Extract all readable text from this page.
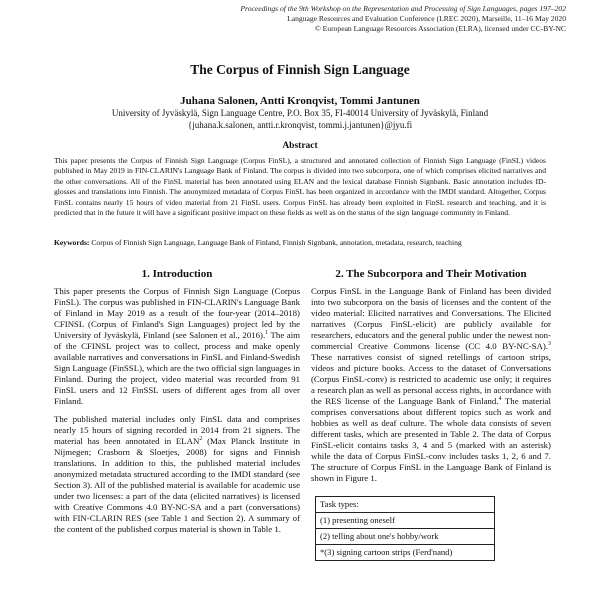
Proceedings of the 9th Workshop on the Representation and Processing of Sign Languages, pages 197–202
Language Resources and Evaluation Conference (LREC 2020), Marseille, 11–16 May 2020
© European Language Resources Association (ELRA), licensed under CC-BY-NC
The Corpus of Finnish Sign Language
Juhana Salonen, Antti Kronqvist, Tommi Jantunen
University of Jyväskylä, Sign Language Centre, P.O. Box 35, FI-40014 University of Jyväskylä, Finland
{juhana.k.salonen, antti.r.kronqvist, tommi.j.jantunen}@jyu.fi
Abstract
This paper presents the Corpus of Finnish Sign Language (Corpus FinSL), a structured and annotated collection of Finnish Sign Language (FinSL) videos published in May 2019 in FIN-CLARIN's Language Bank of Finland. The corpus is divided into two subcorpora, one of which comprises elicited narratives and the other conversations. All of the FinSL material has been annotated using ELAN and the lexical database Finnish Signbank. Basic annotation includes ID-glosses and translations into Finnish. The anonymized metadata of Corpus FinSL has been organized in accordance with the IMDI standard. Altogether, Corpus FinSL contains nearly 15 hours of video material from 21 FinSL users. Corpus FinSL has already been exploited in FinSL research and teaching, and it is predicted that in the future it will have a significant positive impact on these fields as well as on the status of the sign language community in Finland.
Keywords: Corpus of Finnish Sign Language, Language Bank of Finland, Finnish Signbank, annotation, metadata, research, teaching
1. Introduction

This paper presents the Corpus of Finnish Sign Language (Corpus FinSL). The corpus was published in FIN-CLARIN's Language Bank of Finland in May 2019 as a result of the four-year (2014–2018) CFINSL (Corpus of Finland's Sign Languages) project led by the University of Jyväskylä, Finland (see Salonen et al., 2016).$^1$ The aim of the CFINSL project was to collect, process and make openly available narratives and conversations in FinSL and Finland-Swedish Sign Language (FinSSL), which are the two official sign languages in Finland. During the project, video material was recorded from 91 FinSL users and 12 FinSSL users of different ages from all over Finland.

The published material includes only FinSL data and comprises nearly 15 hours of signing recorded in 2014 from 21 signers. The material has been annotated in ELAN$^2$ (Max Planck Institute in Nijmegen; Crasborn & Sloetjes, 2008) for signs and Finnish translations. In addition to this, the published material includes anonymized metadata structured according to the IMDI standard (see Section 3). All of the published material is available for academic use under two licenses: a part of the data (elicited narratives) is licensed with Creative Commons 4.0 BY-NC-SA and a part (conversations) with FIN-CLARIN RES (see Table 1 and Section 2). A summary of the content of the published corpus material is shown in Table 1.

2. The Subcorpora and Their Motivation

Corpus FinSL in the Language Bank of Finland has been divided into two subcorpora on the basis of licenses and the content of the video material: Elicited narratives and Conversations. The Elicited narratives (Corpus FinSL-elicit) are publicly available for researchers, educators and the general public under the newest non-commercial Creative Commons license (CC 4.0 BY-NC-SA).$^3$ These narratives consist of signed retellings of cartoon strips, videos and picture books. Access to the dataset of Conversations (Corpus FinSL-conv) is restricted to academic use only; it requires a research plan as well as personal access rights, in accordance with the RES license of the Language Bank of Finland.$^4$ The material comprises conversations about different topics such as work and hobbies as well as deaf culture. The whole data consists of seven different tasks, which are presented in Table 2. The data of Corpus FinSL-elicit contains tasks 3, 4 and 5 (marked with an asterisk) while the data of Corpus FinSL-conv includes tasks 1, 2, 6 and 7. The structure of Corpus FinSL in the Language Bank of Finland is shown in Figure 1.

Task types:
(1) presenting oneself
(2) telling about one's hobby/work
*(3) signing cartoon strips (Ferd'nand)
